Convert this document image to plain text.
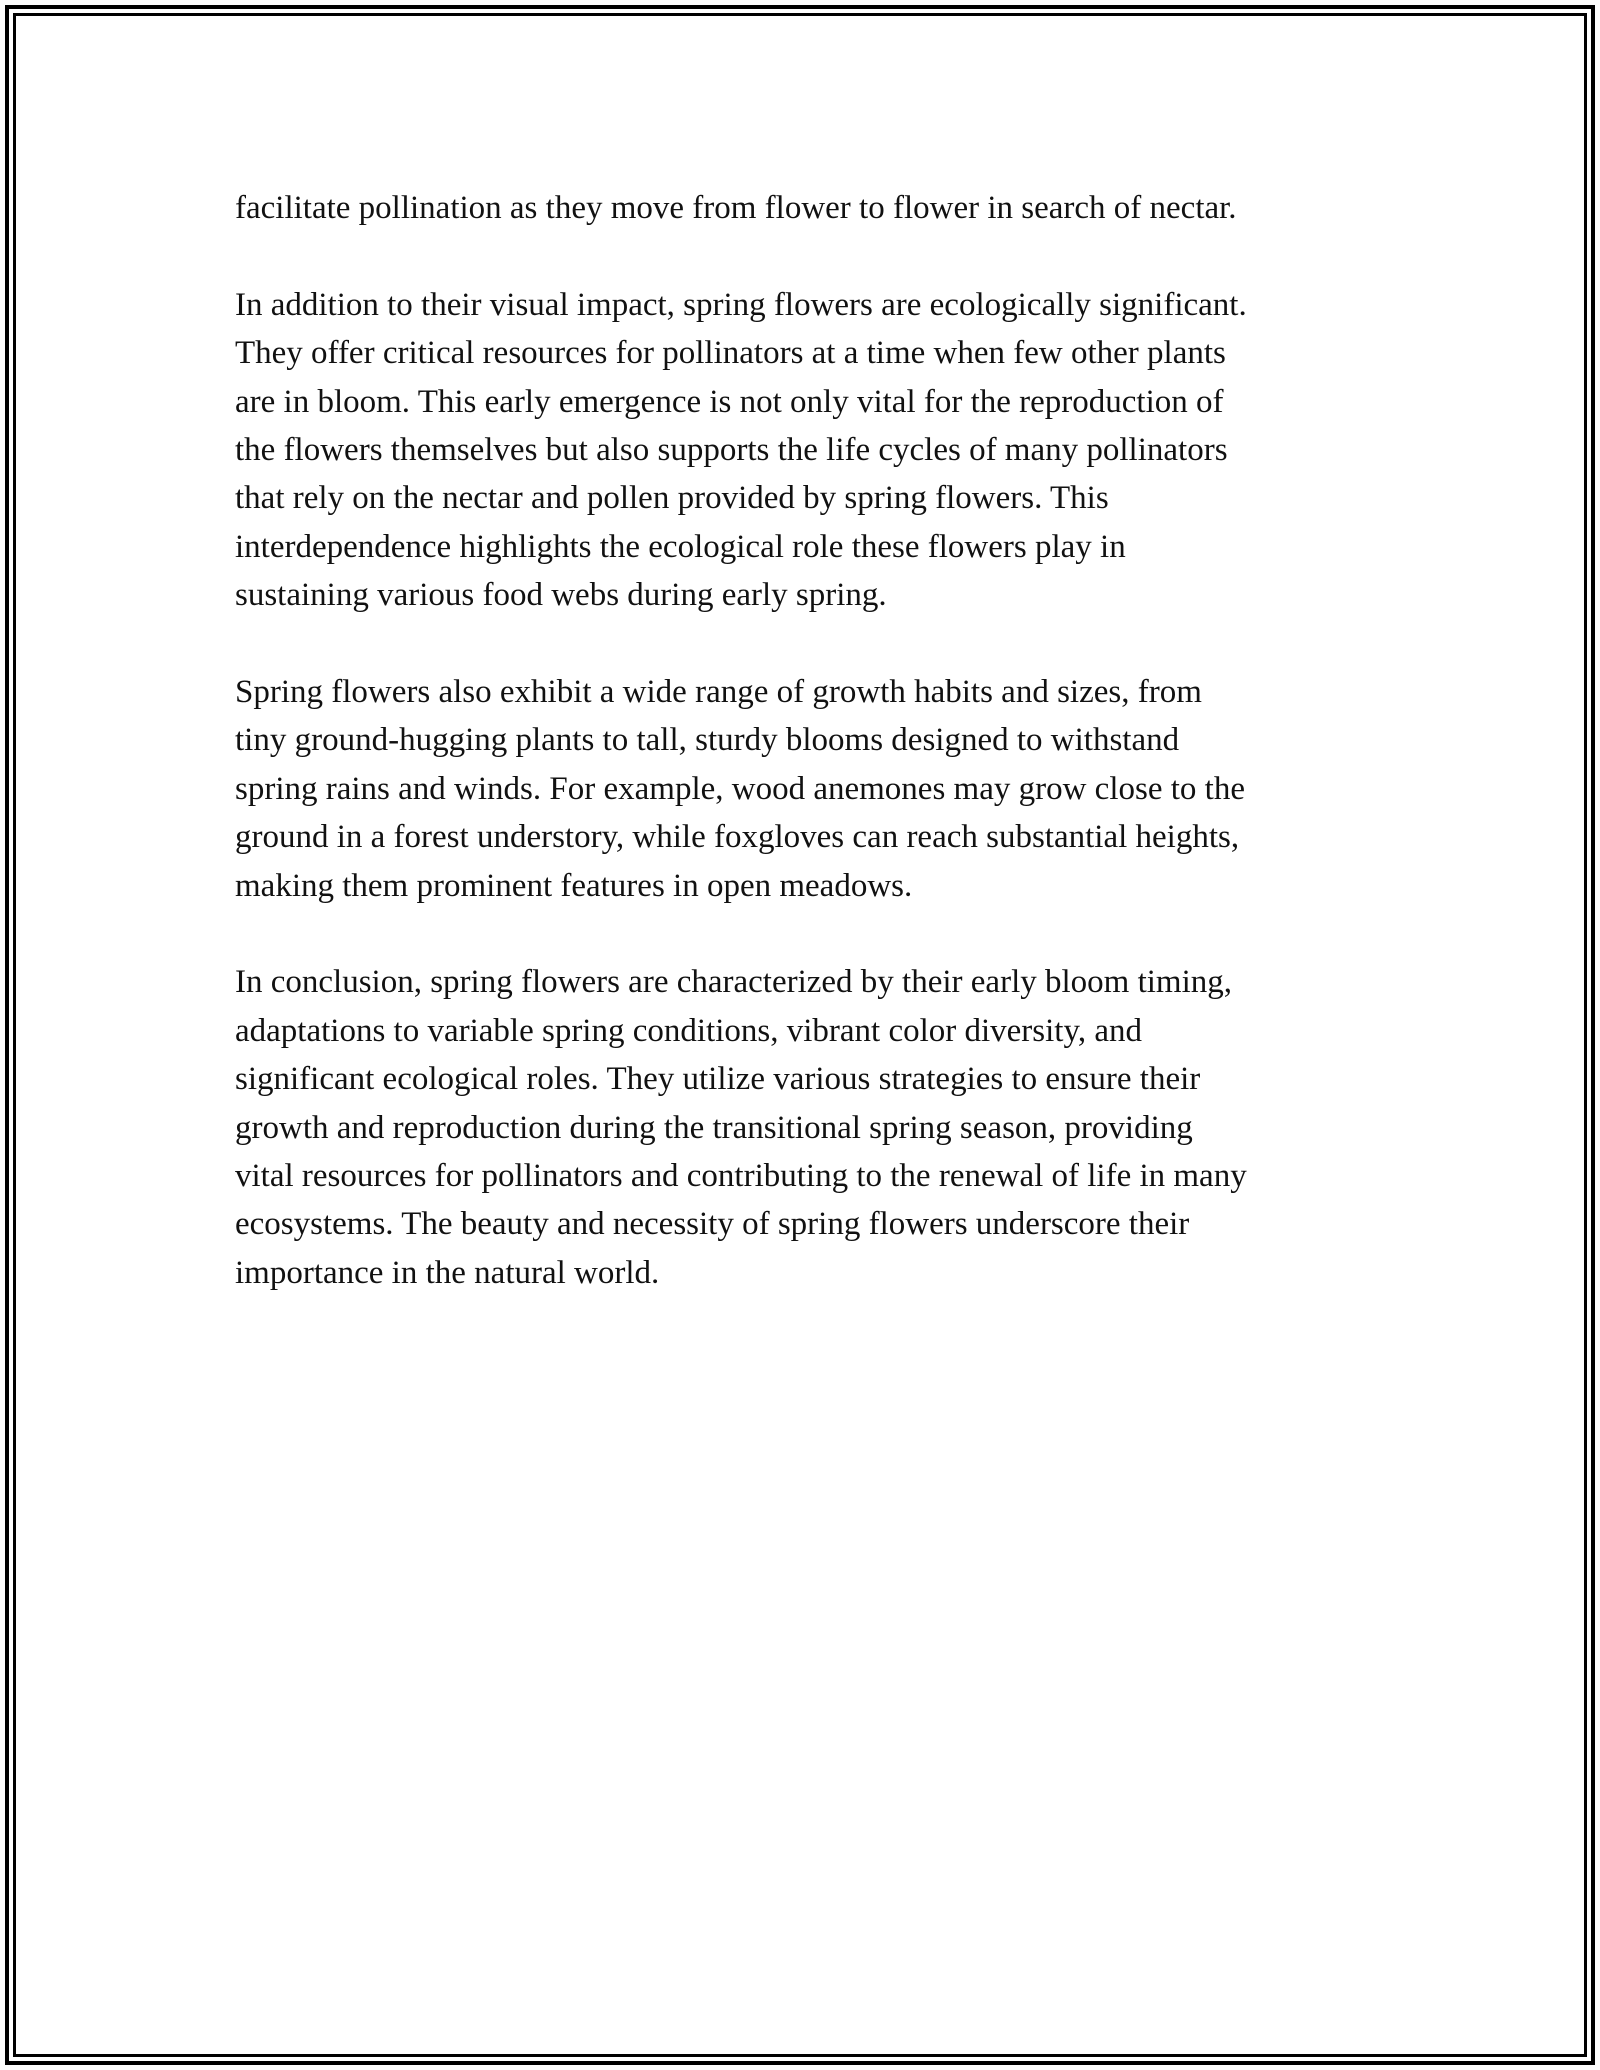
facilitate pollination as they move from flower to flower in search of nectar.

In addition to their visual impact, spring flowers are ecologically significant.
They offer critical resources for pollinators at a time when few other plants
are in bloom. This early emergence is not only vital for the reproduction of
the flowers themselves but also supports the life cycles of many pollinators
that rely on the nectar and pollen provided by spring flowers. This
interdependence highlights the ecological role these flowers play in
sustaining various food webs during early spring.

Spring flowers also exhibit a wide range of growth habits and sizes, from
tiny ground-hugging plants to tall, sturdy blooms designed to withstand
spring rains and winds. For example, wood anemones may grow close to the
ground in a forest understory, while foxgloves can reach substantial heights,
making them prominent features in open meadows.

In conclusion, spring flowers are characterized by their early bloom timing,
adaptations to variable spring conditions, vibrant color diversity, and
significant ecological roles. They utilize various strategies to ensure their
growth and reproduction during the transitional spring season, providing
vital resources for pollinators and contributing to the renewal of life in many
ecosystems. The beauty and necessity of spring flowers underscore their
importance in the natural world.
